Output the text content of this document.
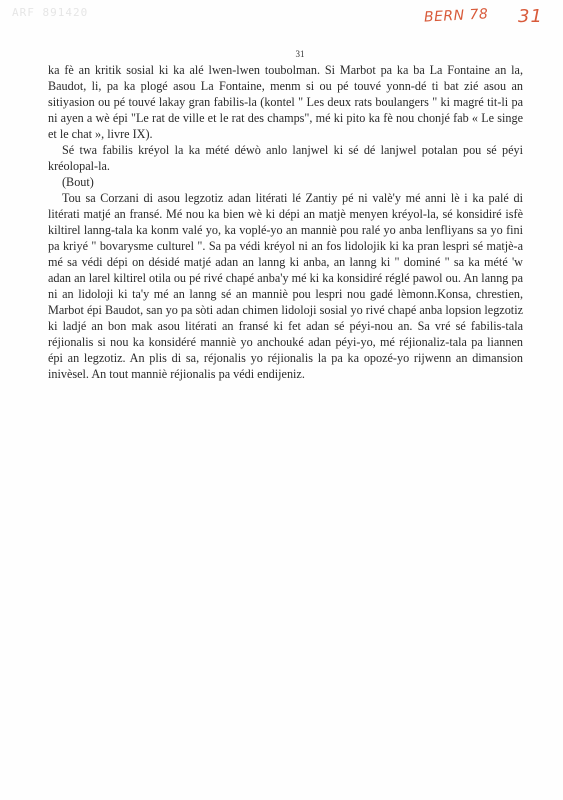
ARF 891420	BERN 78 31
31

ka fè an kritik sosial ki ka alé lwen-lwen toubolman. Si Marbot pa ka ba La Fontaine an la, Baudot, li, pa ka plogé asou La Fontaine, menm si ou pé touvé yonn-dé ti bat zié asou an sitiyasion ou pé touvé lakay gran fabilis-la (kontel " Les deux rats boulangers " ki magré tit-li pa ni ayen a wè épi "Le rat de ville et le rat des champs", mé ki pito ka fè nou chonjé fab « Le singe et le chat », livre IX).

Sé twa fabilis kréyol la ka mété déwò anlo lanjwel ki sé dé lanjwel potalan pou sé péyi kréolopal-la.

(Bout)

Tou sa Corzani di asou legzotiz adan litérati lé Zantiy pé ni valè'y mé anni lè i ka palé di litérati matjé an fransé. Mé nou ka bien wè ki dépi an matjè menyen kréyol-la, sé konsidiré isfè kiltirel lanng-tala ka konm valé yo, ka voplé-yo an manniè pou ralé yo anba lenfliyans sa yo fini pa kriyé " bovarysme culturel ". Sa pa védi kréyol ni an fos lidolojik ki ka pran lespri sé matjè-a mé sa védi dépi on désidé matjé adan an lanng ki anba, an lanng ki " dominé " sa ka mété 'w adan an larel kiltirel otila ou pé rivé chapé anba'y mé ki ka konsidiré réglé pawol ou. An lanng pa ni an lidoloji ki ta'y mé an lanng sé an manniè pou lespri nou gadé lèmonn.Konsa, chrestien, Marbot épi Baudot, san yo pa sòti adan chimen lidoloji sosial yo rivé chapé anba lopsion legzotiz ki ladjé an bon mak asou litérati an fransé ki fet adan sé péyi-nou an. Sa vré sé fabilis-tala réjionalis si nou ka konsidéré manniè yo anchouké adan péyi-yo, mé réjionaliz-tala pa liannen épi an legzotiz. An plis di sa, réjonalis yo réjionalis la pa ka opozé-yo rijwenn an dimansion inivèsel. An tout manniè réjionalis pa védi endijeniz.
